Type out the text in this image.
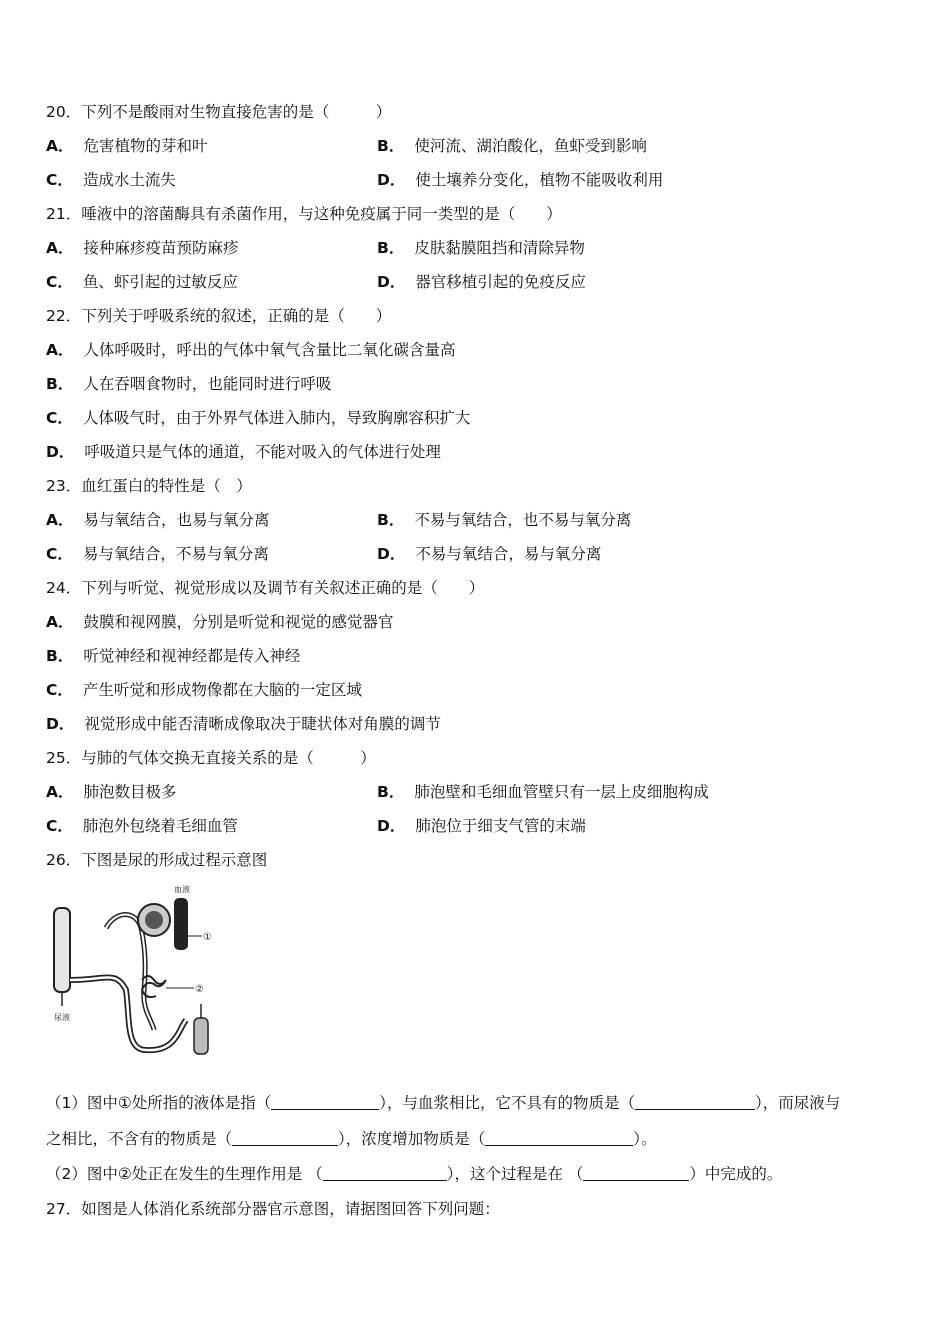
20．下列不是酸雨对生物直接危害的是（　　　）
A． 危害植物的芽和叶	B． 使河流、湖泊酸化，鱼虾受到影响
C． 造成水土流失	D． 使土壤养分变化，植物不能吸收利用
21．唾液中的溶菌酶具有杀菌作用，与这种免疫属于同一类型的是（　　）
A． 接种麻疹疫苗预防麻疹	B． 皮肤黏膜阻挡和清除异物
C． 鱼、虾引起的过敏反应	D． 器官移植引起的免疫反应
22．下列关于呼吸系统的叙述，正确的是（　　）
A． 人体呼吸时，呼出的气体中氧气含量比二氧化碳含量高
B． 人在吞咽食物时，也能同时进行呼吸
C． 人体吸气时，由于外界气体进入肺内，导致胸廓容积扩大
D． 呼吸道只是气体的通道，不能对吸入的气体进行处理
23．血红蛋白的特性是（　）
A． 易与氧结合，也易与氧分离	B． 不易与氧结合，也不易与氧分离
C． 易与氧结合，不易与氧分离	D． 不易与氧结合，易与氧分离
24．下列与听觉、视觉形成以及调节有关叙述正确的是（　　）
A． 鼓膜和视网膜，分别是听觉和视觉的感觉器官
B． 听觉神经和视神经都是传入神经
C． 产生听觉和形成物像都在大脑的一定区域
D． 视觉形成中能否清晰成像取决于睫状体对角膜的调节
25．与肺的气体交换无直接关系的是（　　　）
A． 肺泡数目极多	B． 肺泡壁和毛细血管壁只有一层上皮细胞构成
C． 肺泡外包绕着毛细血管	D． 肺泡位于细支气管的末端
26．下图是尿的形成过程示意图
尿液
血液
①
②
（1）图中①处所指的液体是指（	），与血浆相比，它不具有的物质是（	），而尿液与
之相比，不含有的物质是（	），浓度增加物质是（	）。
（2）图中②处正在发生的生理作用是 （	），这个过程是在 （	）中完成的。
27．如图是人体消化系统部分器官示意图，请据图回答下列问题：
